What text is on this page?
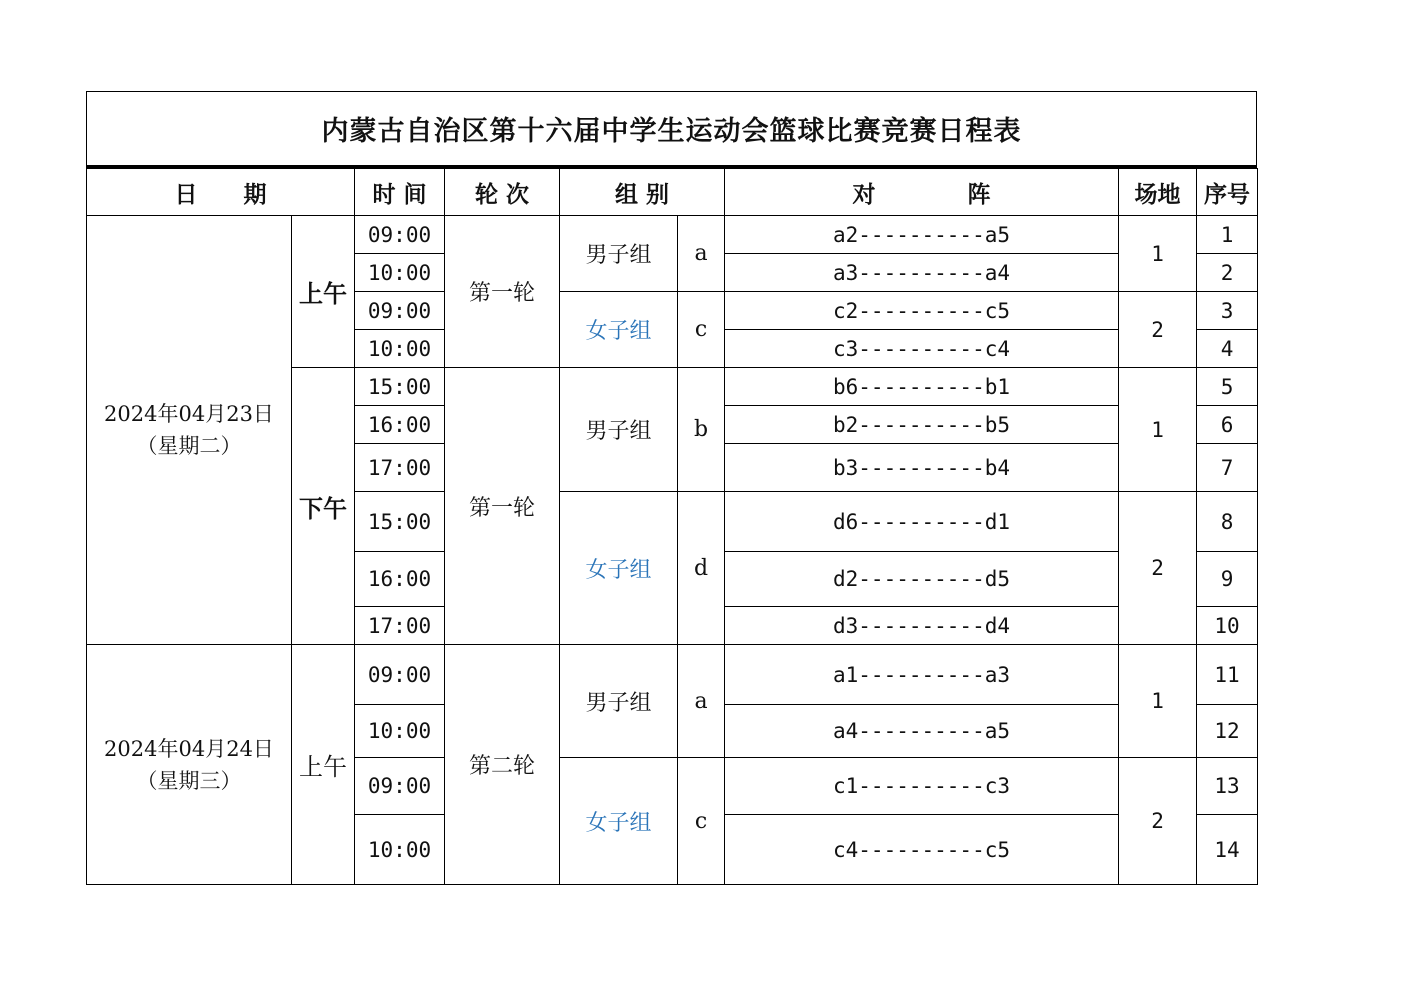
内蒙古自治区第十六届中学生运动会篮球比赛竞赛日程表
日　　期		时 间	轮 次	组 别		对　　　　阵	场地	序号

2024年04月23日
（星期二）	上午	09:00	第一轮	男子组	a	a2----------a5	1	1
		10:00				a3----------a4		2
		09:00		女子组	c	c2----------c5	2	3
		10:00				c3----------c4		4
	下午	15:00	第一轮	男子组	b	b6----------b1	1	5
		16:00				b2----------b5		6
		17:00				b3----------b4		7
		15:00		女子组	d	d6----------d1	2	8
		16:00				d2----------d5		9
		17:00				d3----------d4		10

2024年04月24日
（星期三）	上午	09:00	第二轮	男子组	a	a1----------a3	1	11
		10:00				a4----------a5		12
		09:00		女子组	c	c1----------c3	2	13
		10:00				c4----------c5		14
